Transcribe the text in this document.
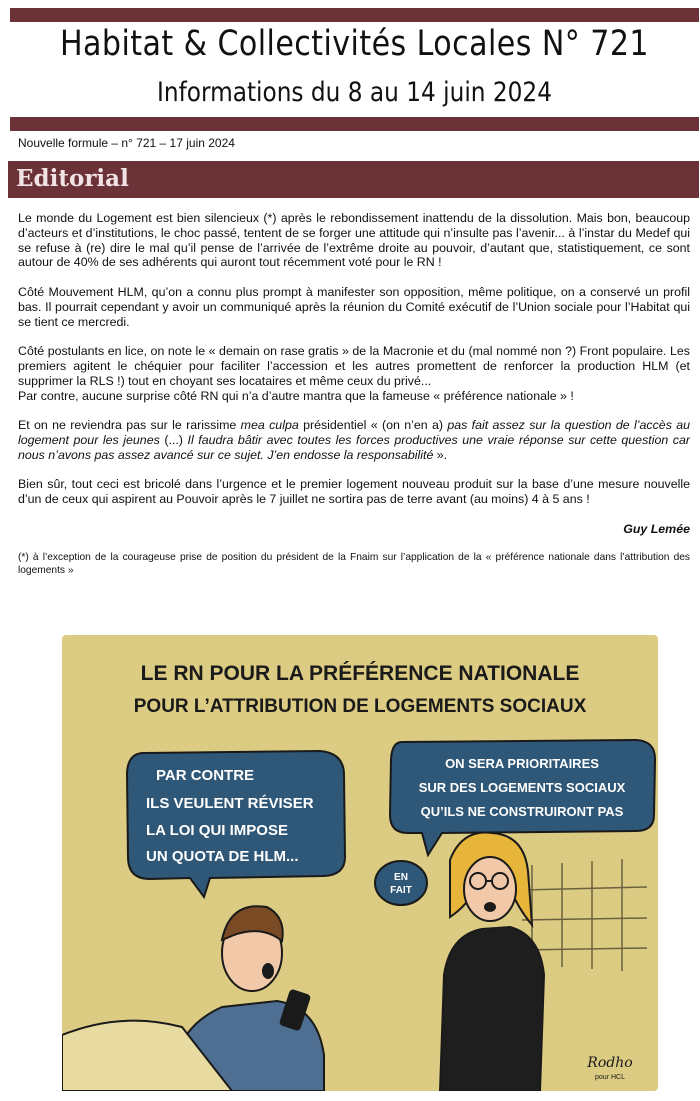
Habitat & Collectivités Locales N° 721
Informations du 8 au 14 juin 2024
Nouvelle formule – n° 721 – 17 juin 2024
Editorial

Le monde du Logement est bien silencieux (*) après le rebondissement inattendu de la dissolution. Mais bon, beaucoup d’acteurs et d’institutions, le choc passé, tentent de se forger une attitude qui n’insulte pas l’avenir... à l’instar du Medef qui se refuse à (re) dire le mal qu’il pense de l’arrivée de l’extrême droite au pouvoir, d’autant que, statistiquement, ce sont autour de 40% de ses adhérents qui auront tout récemment voté pour le RN !

Côté Mouvement HLM, qu’on a connu plus prompt à manifester son opposition, même politique, on a conservé un profil bas. Il pourrait cependant y avoir un communiqué après la réunion du Comité exécutif de l’Union sociale pour l’Habitat qui se tient ce mercredi.

Côté postulants en lice, on note le « demain on rase gratis » de la Macronie et du (mal nommé non ?) Front populaire. Les premiers agitent le chéquier pour faciliter l’accession et les autres promettent de renforcer la production HLM (et supprimer la RLS !) tout en choyant ses locataires et même ceux du privé...
Par contre, aucune surprise côté RN qui n’a d’autre mantra que la fameuse « préférence nationale » !

Et on ne reviendra pas sur le rarissime mea culpa présidentiel « (on n’en a) pas fait assez sur la question de l’accès au logement pour les jeunes (...) Il faudra bâtir avec toutes les forces productives une vraie réponse sur cette question car nous n’avons pas assez avancé sur ce sujet. J’en endosse la responsabilité ».

Bien sûr, tout ceci est bricolé dans l’urgence et le premier logement nouveau produit sur la base d’une mesure nouvelle d’un de ceux qui aspirent au Pouvoir après le 7 juillet ne sortira pas de terre avant (au moins) 4 à 5 ans !

Guy Lemée

(*) à l’exception de la courageuse prise de position du président de la Fnaim sur l’application de la « préférence nationale dans l’attribution des logements »

LE RN POUR LA PRÉFÉRENCE NATIONALE
POUR L’ATTRIBUTION DE LOGEMENTS SOCIAUX
PAR CONTRE
ILS VEULENT RÉVISER
LA LOI QUI IMPOSE
UN QUOTA DE HLM...
ON SERA PRIORITAIRES
SUR DES LOGEMENTS SOCIAUX
QU’ILS NE CONSTRUIRONT PAS
EN
FAIT
Rodho
pour HCL
